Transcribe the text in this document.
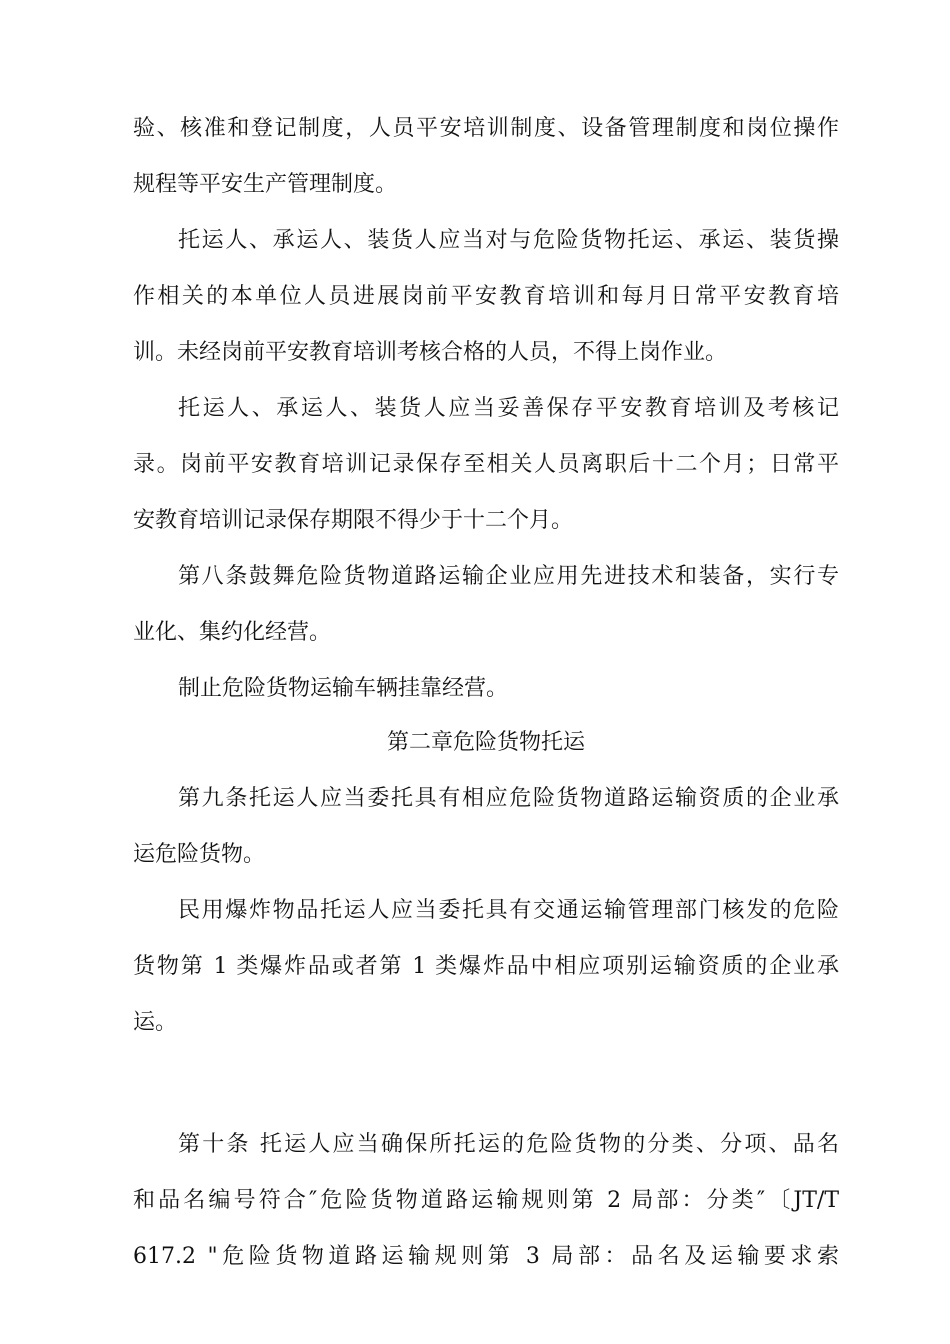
验、核准和登记制度，人员平安培训制度、设备管理制度和岗位操作
规程等平安生产管理制度。
托运人、承运人、装货人应当对与危险货物托运、承运、装货操
作相关的本单位人员进展岗前平安教育培训和每月日常平安教育培
训。未经岗前平安教育培训考核合格的人员，不得上岗作业。
托运人、承运人、装货人应当妥善保存平安教育培训及考核记
录。岗前平安教育培训记录保存至相关人员离职后十二个月；日常平
安教育培训记录保存期限不得少于十二个月。
第八条鼓舞危险货物道路运输企业应用先进技术和装备，实行专
业化、集约化经营。
制止危险货物运输车辆挂靠经营。
第二章危险货物托运
第九条托运人应当委托具有相应危险货物道路运输资质的企业承
运危险货物。
民用爆炸物品托运人应当委托具有交通运输管理部门核发的危险
货物第 1 类爆炸品或者第 1 类爆炸品中相应项别运输资质的企业承
运。
第十条 托运人应当确保所托运的危险货物的分类、分项、品名
和品名编号符合″危险货物道路运输规则第 2 局部：分类″〔JT/T
617.2 "危险货物道路运输规则第 3 局部：品名及运输要求索
